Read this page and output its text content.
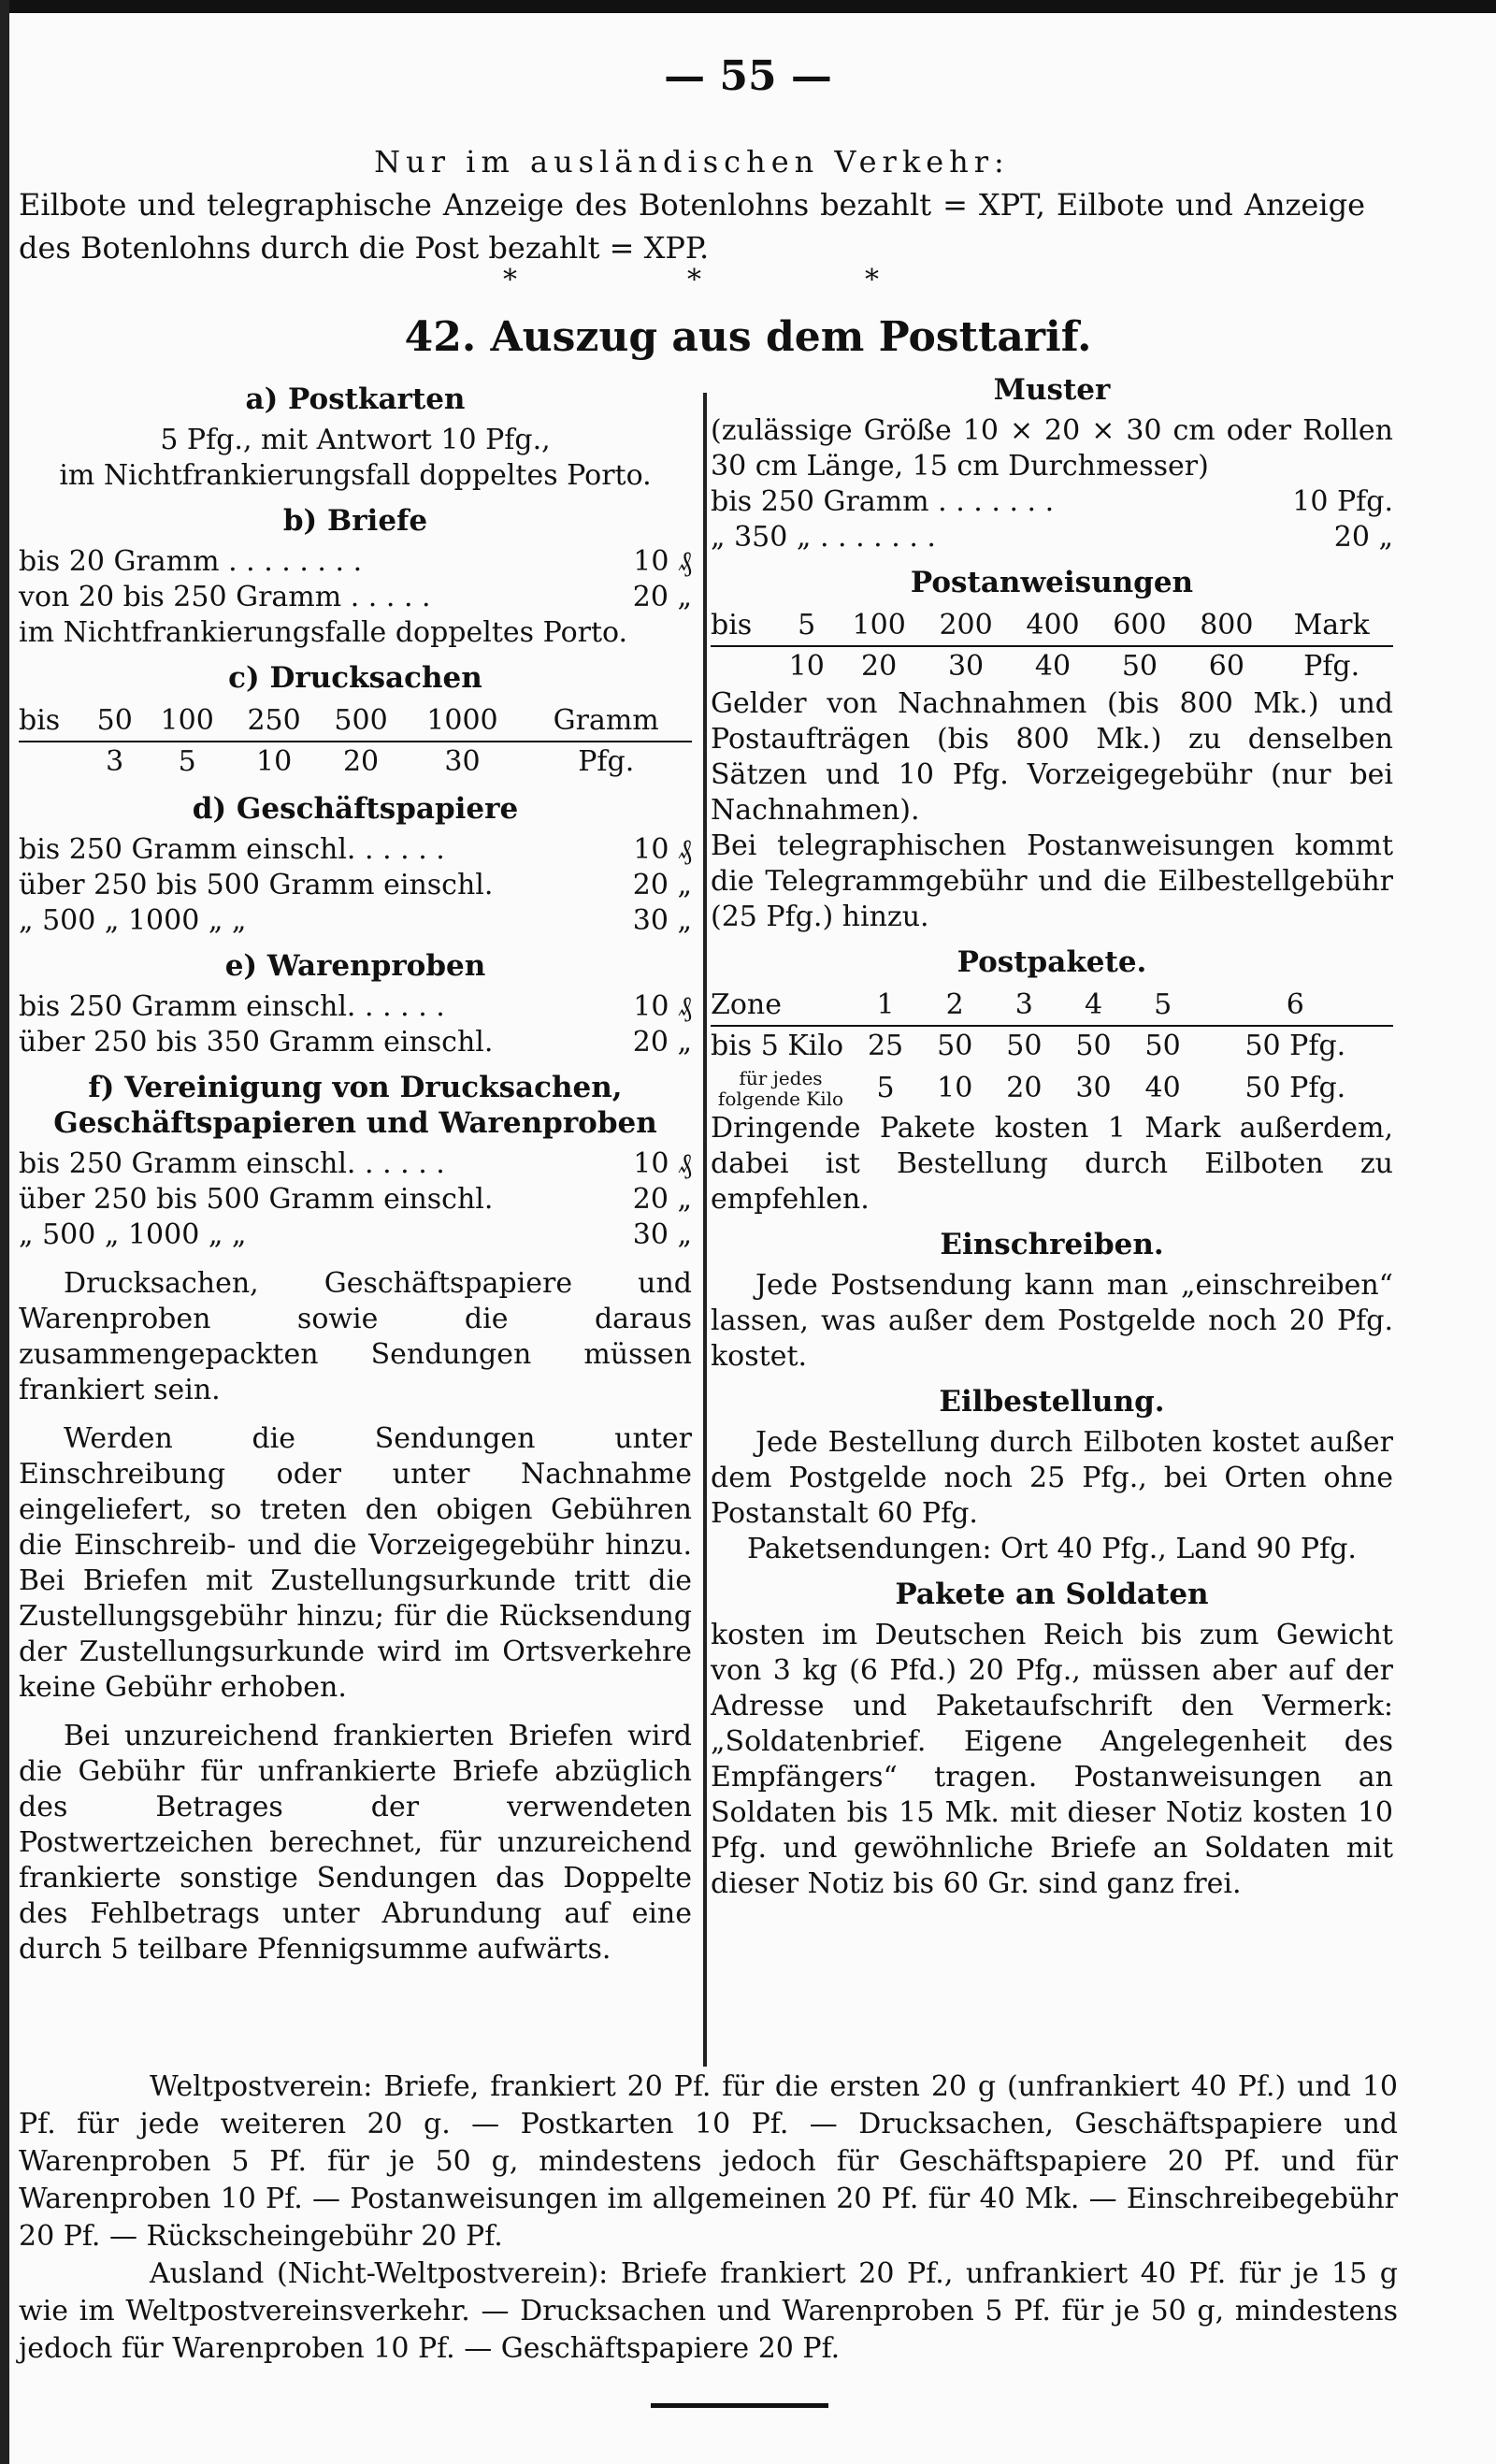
— 55 —
Nur im ausländischen Verkehr:
Eilbote und telegraphische Anzeige des Botenlohns bezahlt = XPT, Eilbote und Anzeige des Botenlohns durch die Post bezahlt = XPP.
*	*	*
42. Auszug aus dem Posttarif.
a) Postkarten
5 Pfg., mit Antwort 10 Pfg.,
im Nichtfrankierungsfall doppeltes Porto.
b) Briefe
bis 20 Gramm . . . . . . . .	10 ₰
von 20 bis 250 Gramm . . . . .	20 „
im Nichtfrankierungsfalle doppeltes Porto.
c) Drucksachen
bis	50	100	250	500	1000	Gramm
	3	5	10	20	30	Pfg.
d) Geschäftspapiere
bis 250 Gramm einschl. . . . . .	10 ₰
über 250 bis 500 Gramm einschl.	20 „
„ 500 „ 1000 „ „	30 „
e) Warenproben
bis 250 Gramm einschl. . . . . .	10 ₰
über 250 bis 350 Gramm einschl.	20 „
f) Vereinigung von Drucksachen,
Geschäftspapieren und Warenproben
bis 250 Gramm einschl. . . . . .	10 ₰
über 250 bis 500 Gramm einschl.	20 „
„ 500 „ 1000 „ „	30 „
Drucksachen, Geschäftspapiere und Warenproben sowie die daraus zusammengepackten Sendungen müssen frankiert sein.
Werden die Sendungen unter Einschreibung oder unter Nachnahme eingeliefert, so treten den obigen Gebühren die Einschreib- und die Vorzeigegebühr hinzu. Bei Briefen mit Zustellungsurkunde tritt die Zustellungsgebühr hinzu; für die Rücksendung der Zustellungsurkunde wird im Ortsverkehre keine Gebühr erhoben.
Bei unzureichend frankierten Briefen wird die Gebühr für unfrankierte Briefe abzüglich des Betrages der verwendeten Postwertzeichen berechnet, für unzureichend frankierte sonstige Sendungen das Doppelte des Fehlbetrags unter Abrundung auf eine durch 5 teilbare Pfennigsumme aufwärts.
Muster
(zulässige Größe 10 × 20 × 30 cm oder Rollen 30 cm Länge, 15 cm Durchmesser)
bis 250 Gramm . . . . . . .	10 Pfg.
„ 350 „ . . . . . . .	20 „
Postanweisungen
bis	5	100	200	400	600	800	Mark
	10	20	30	40	50	60	Pfg.
Gelder von Nachnahmen (bis 800 Mk.) und Postaufträgen (bis 800 Mk.) zu denselben Sätzen und 10 Pfg. Vorzeigegebühr (nur bei Nachnahmen).
Bei telegraphischen Postanweisungen kommt die Telegrammgebühr und die Eilbestellgebühr (25 Pfg.) hinzu.
Postpakete.
Zone	1	2	3	4	5	6
bis 5 Kilo	25	50	50	50	50	50 Pfg.

für jedes folgende Kilo	5	10	20	30	40	50 Pfg.
Dringende Pakete kosten 1 Mark außerdem, dabei ist Bestellung durch Eilboten zu empfehlen.
Einschreiben.
Jede Postsendung kann man „einschreiben“ lassen, was außer dem Postgelde noch 20 Pfg. kostet.
Eilbestellung.
Jede Bestellung durch Eilboten kostet außer dem Postgelde noch 25 Pfg., bei Orten ohne Postanstalt 60 Pfg.
Paketsendungen: Ort 40 Pfg., Land 90 Pfg.
Pakete an Soldaten
kosten im Deutschen Reich bis zum Gewicht von 3 kg (6 Pfd.) 20 Pfg., müssen aber auf der Adresse und Paketaufschrift den Vermerk: „Soldatenbrief. Eigene Angelegenheit des Empfängers“ tragen. Postanweisungen an Soldaten bis 15 Mk. mit dieser Notiz kosten 10 Pfg. und gewöhnliche Briefe an Soldaten mit dieser Notiz bis 60 Gr. sind ganz frei.
Weltpostverein: Briefe, frankiert 20 Pf. für die ersten 20 g (unfrankiert 40 Pf.) und 10 Pf. für jede weiteren 20 g. — Postkarten 10 Pf. — Drucksachen, Geschäftspapiere und Warenproben 5 Pf. für je 50 g, mindestens jedoch für Geschäftspapiere 20 Pf. und für Warenproben 10 Pf. — Postanweisungen im allgemeinen 20 Pf. für 40 Mk. — Einschreibegebühr 20 Pf. — Rückscheingebühr 20 Pf.
Ausland (Nicht-Weltpostverein): Briefe frankiert 20 Pf., unfrankiert 40 Pf. für je 15 g wie im Weltpostvereinsverkehr. — Drucksachen und Warenproben 5 Pf. für je 50 g, mindestens jedoch für Warenproben 10 Pf. — Geschäftspapiere 20 Pf.
